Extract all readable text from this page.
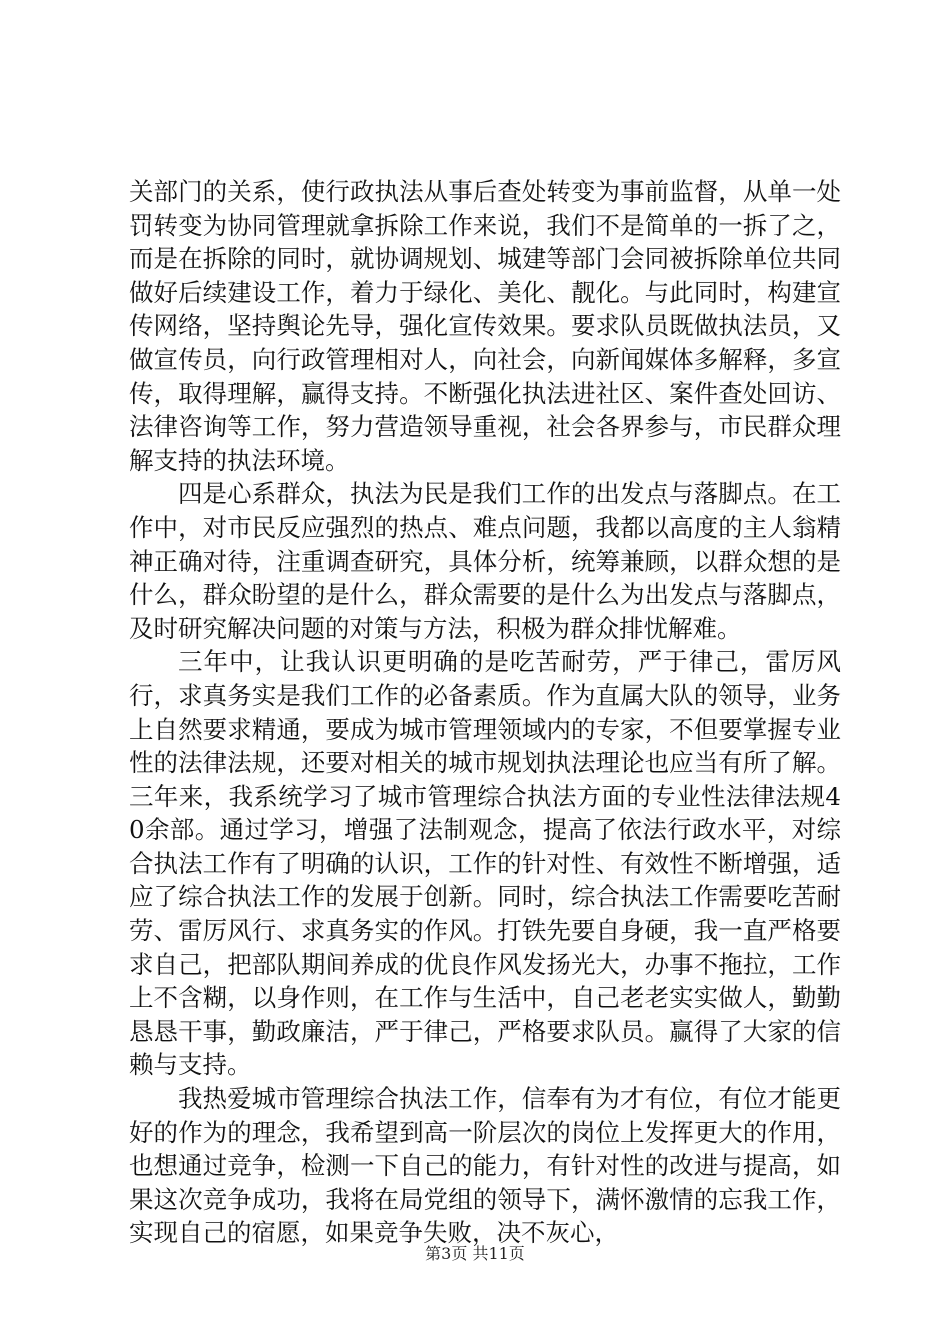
关部门的关系，使行政执法从事后查处转变为事前监督，从单一处罚转变为协同管理就拿拆除工作来说，我们不是简单的一拆了之，而是在拆除的同时，就协调规划、城建等部门会同被拆除单位共同做好后续建设工作，着力于绿化、美化、靓化。与此同时，构建宣传网络，坚持舆论先导，强化宣传效果。要求队员既做执法员，又做宣传员，向行政管理相对人，向社会，向新闻媒体多解释，多宣传，取得理解，赢得支持。不断强化执法进社区、案件查处回访、法律咨询等工作，努力营造领导重视，社会各界参与，市民群众理解支持的执法环境。

四是心系群众，执法为民是我们工作的出发点与落脚点。在工作中，对市民反应强烈的热点、难点问题，我都以高度的主人翁精神正确对待，注重调查研究，具体分析，统筹兼顾，以群众想的是什么，群众盼望的是什么，群众需要的是什么为出发点与落脚点，及时研究解决问题的对策与方法，积极为群众排忧解难。

三年中，让我认识更明确的是吃苦耐劳，严于律己，雷厉风行，求真务实是我们工作的必备素质。作为直属大队的领导，业务上自然要求精通，要成为城市管理领域内的专家，不但要掌握专业性的法律法规，还要对相关的城市规划执法理论也应当有所了解。三年来，我系统学习了城市管理综合执法方面的专业性法律法规40余部。通过学习，增强了法制观念，提高了依法行政水平，对综合执法工作有了明确的认识，工作的针对性、有效性不断增强，适应了综合执法工作的发展于创新。同时，综合执法工作需要吃苦耐劳、雷厉风行、求真务实的作风。打铁先要自身硬，我一直严格要求自己，把部队期间养成的优良作风发扬光大，办事不拖拉，工作上不含糊，以身作则，在工作与生活中，自己老老实实做人，勤勤恳恳干事，勤政廉洁，严于律己，严格要求队员。赢得了大家的信赖与支持。

我热爱城市管理综合执法工作，信奉有为才有位，有位才能更好的作为的理念，我希望到高一阶层次的岗位上发挥更大的作用，也想通过竞争，检测一下自己的能力，有针对性的改进与提高，如果这次竞争成功，我将在局党组的领导下，满怀激情的忘我工作，实现自己的宿愿，如果竞争失败，决不灰心，

第3页 共11页
